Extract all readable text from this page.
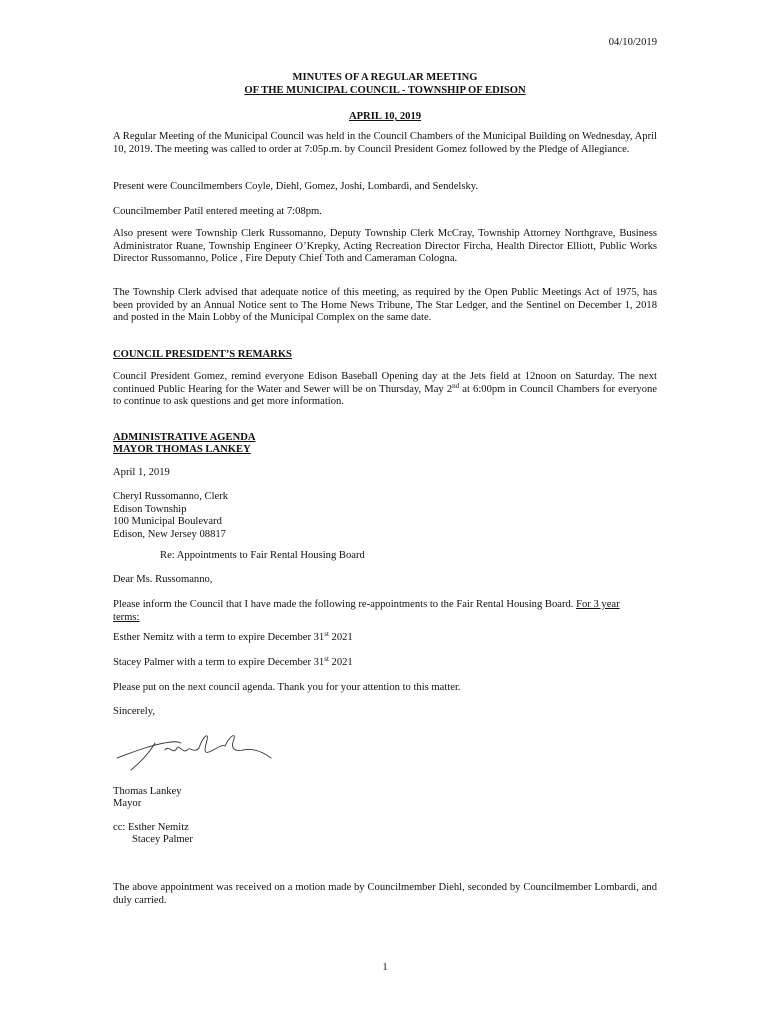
04/10/2019
MINUTES OF A REGULAR MEETING
OF THE MUNICIPAL COUNCIL - TOWNSHIP OF EDISON
APRIL 10, 2019
A Regular Meeting of the Municipal Council was held in the Council Chambers of the Municipal Building on Wednesday, April 10, 2019. The meeting was called to order at 7:05p.m. by Council President Gomez followed by the Pledge of Allegiance.
Present were Councilmembers Coyle, Diehl, Gomez, Joshi, Lombardi, and Sendelsky.
Councilmember Patil entered meeting at 7:08pm.
Also present were Township Clerk Russomanno, Deputy Township Clerk McCray, Township Attorney Northgrave, Business Administrator Ruane, Township Engineer O’Krepky, Acting Recreation Director Fircha, Health Director Elliott, Public Works Director Russomanno, Police , Fire Deputy Chief Toth and Cameraman Cologna.
The Township Clerk advised that adequate notice of this meeting, as required by the Open Public Meetings Act of 1975, has been provided by an Annual Notice sent to The Home News Tribune, The Star Ledger, and the Sentinel on December 1, 2018 and posted in the Main Lobby of the Municipal Complex on the same date.
COUNCIL PRESIDENT’S REMARKS
Council President Gomez, remind everyone Edison Baseball Opening day at the Jets field at 12noon on Saturday. The next continued Public Hearing for the Water and Sewer will be on Thursday, May 2nd at 6:00pm in Council Chambers for everyone to continue to ask questions and get more information.
ADMINISTRATIVE AGENDA
MAYOR THOMAS LANKEY
April 1, 2019
Cheryl Russomanno, Clerk
Edison Township
100 Municipal Boulevard
Edison, New Jersey 08817
Re: Appointments to Fair Rental Housing Board
Dear Ms. Russomanno,
Please inform the Council that I have made the following re-appointments to the Fair Rental Housing Board. For 3 year terms:
Esther Nemitz with a term to expire December 31st 2021
Stacey Palmer with a term to expire December 31st 2021
Please put on the next council agenda. Thank you for your attention to this matter.
Sincerely,
Thomas Lankey
Mayor
cc: Esther Nemitz
Stacey Palmer
The above appointment was received on a motion made by Councilmember Diehl, seconded by Councilmember Lombardi, and duly carried.
1
